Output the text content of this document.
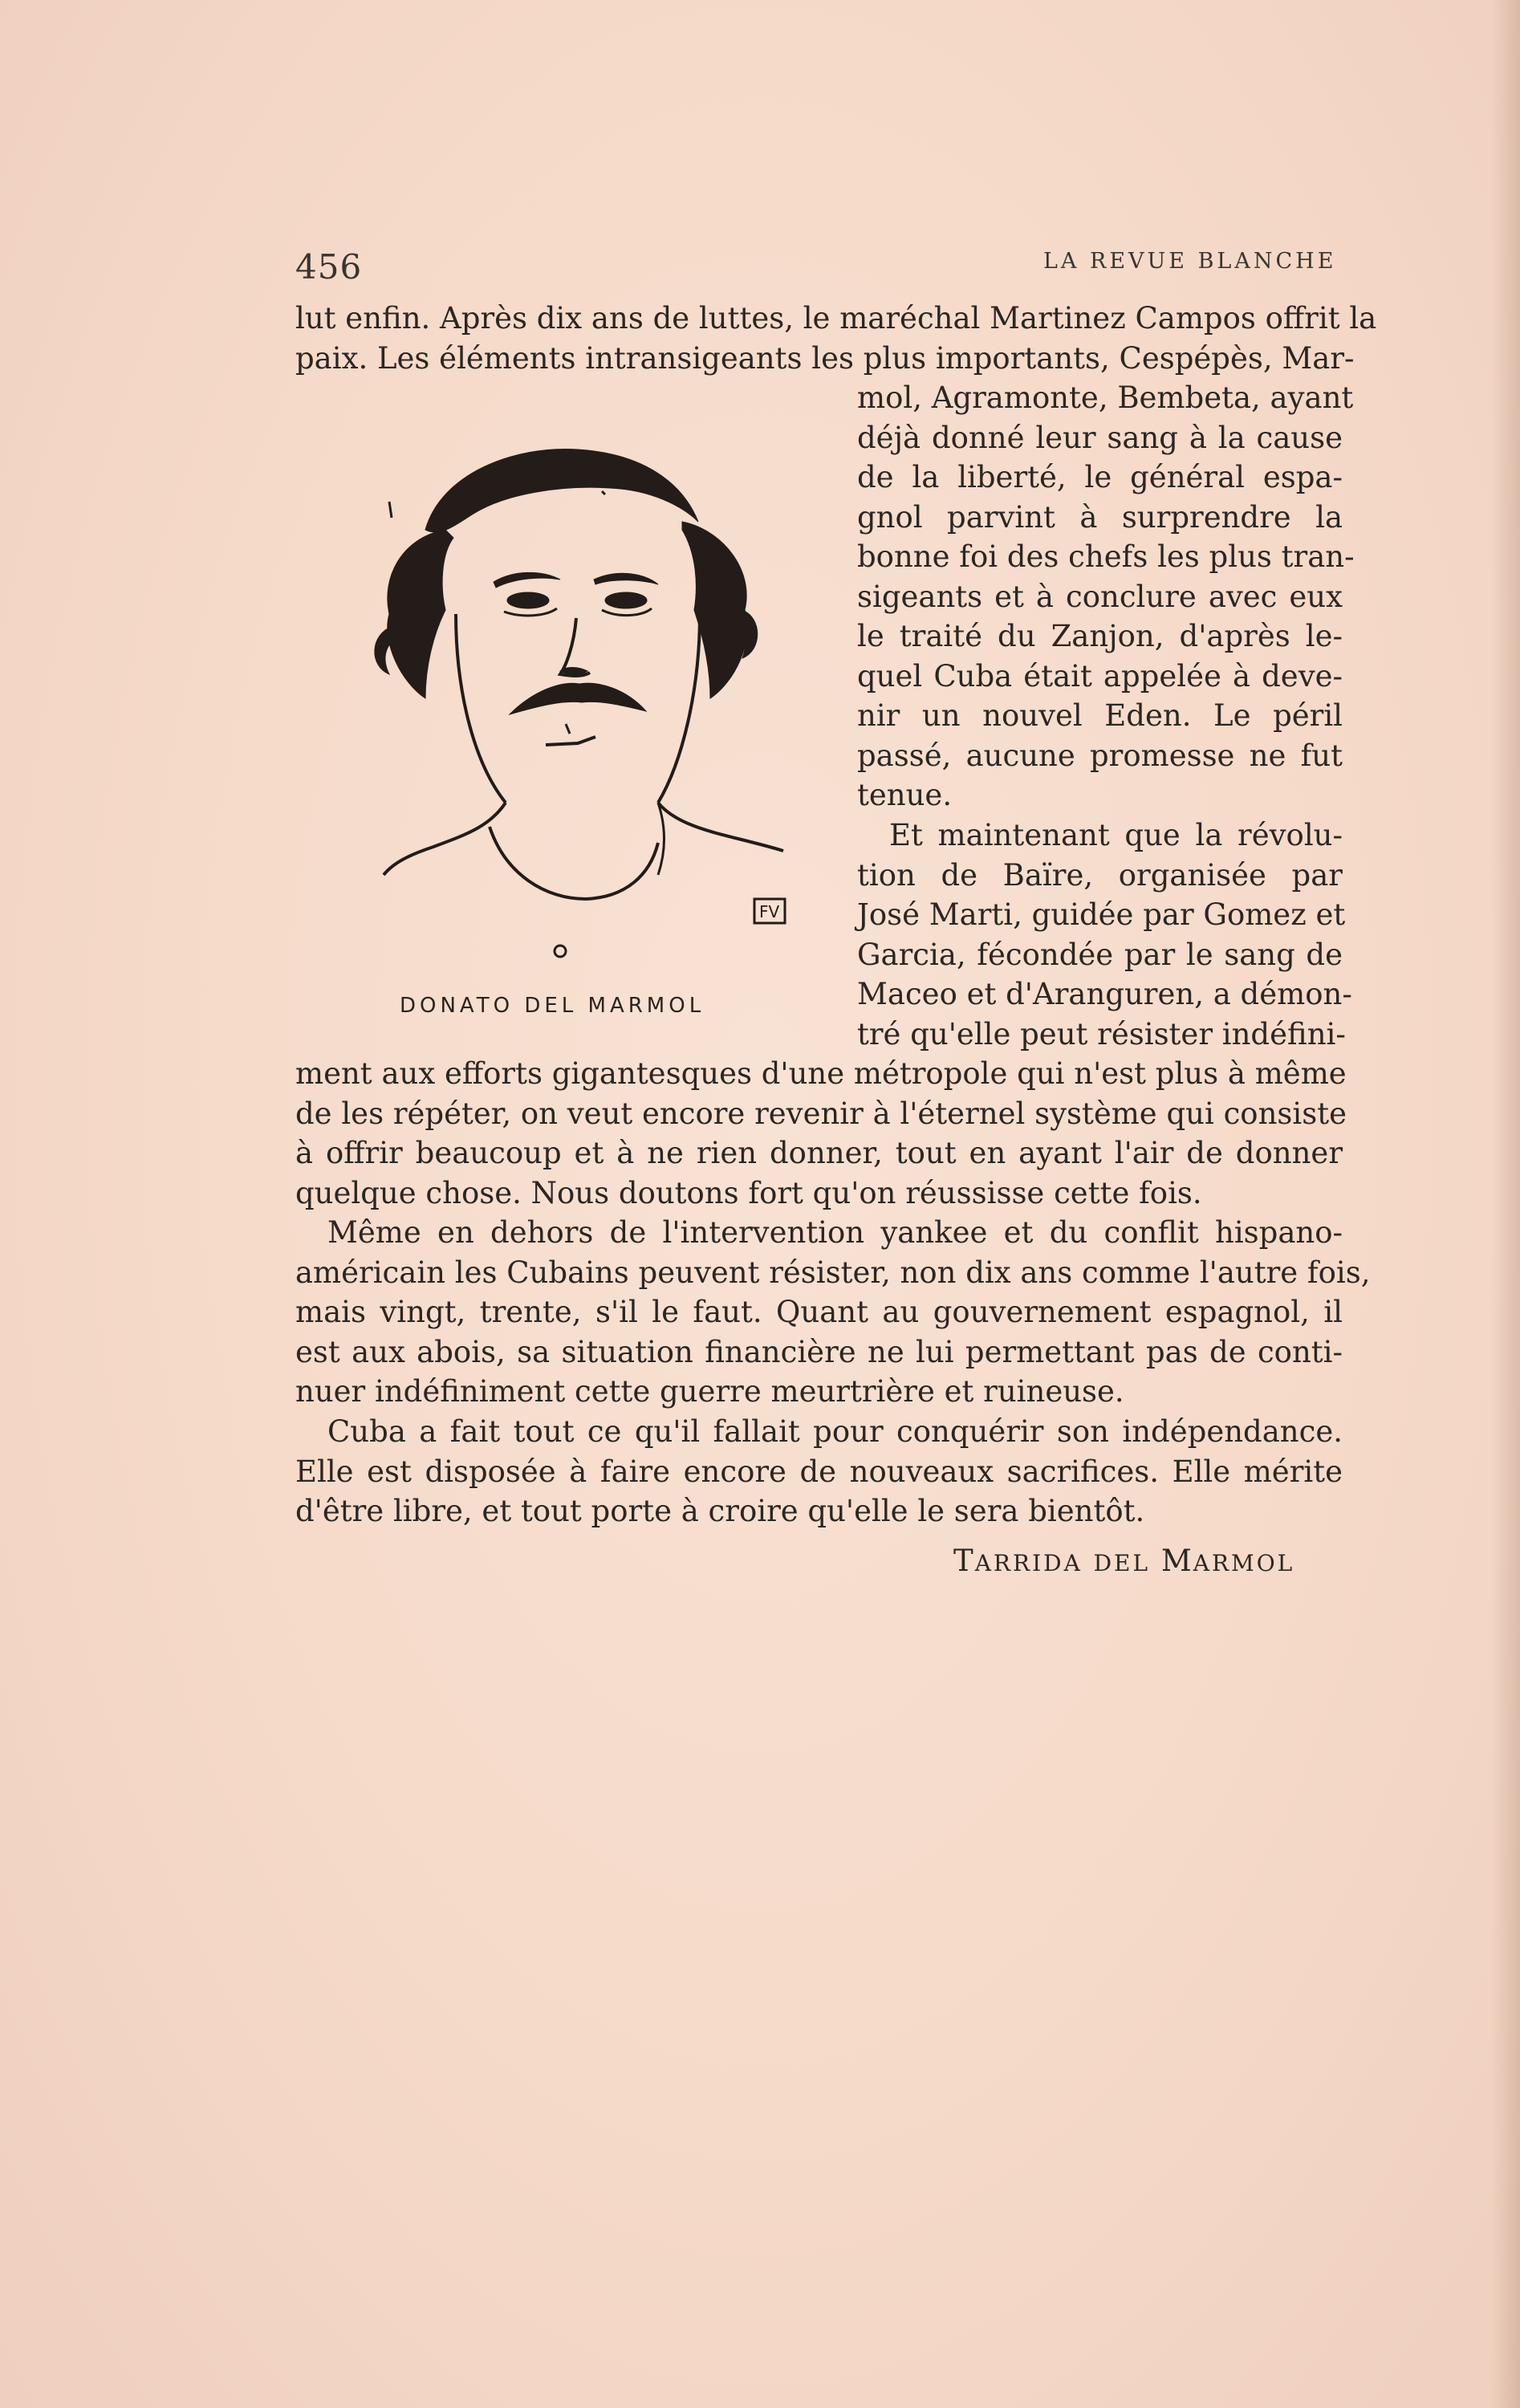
456	LA REVUE BLANCHE
lut enfin. Après dix ans de luttes, le maréchal Martinez Campos offrit la
paix. Les éléments intransigeants les plus importants, Cespépès, Mar-
mol, Agramonte, Bembeta, ayant
déjà donné leur sang à la cause
de la liberté, le général espa-
gnol parvint à surprendre la
bonne foi des chefs les plus tran-
sigeants et à conclure avec eux
le traité du Zanjon, d'après le-
quel Cuba était appelée à deve-
nir un nouvel Eden. Le péril
passé, aucune promesse ne fut
tenue.
Et maintenant que la révolu-
tion de Baïre, organisée par
José Marti, guidée par Gomez et
Garcia, fécondée par le sang de
Maceo et d'Aranguren, a démon-
tré qu'elle peut résister indéfini-
ment aux efforts gigantesques d'une métropole qui n'est plus à même
de les répéter, on veut encore revenir à l'éternel système qui consiste
à offrir beaucoup et à ne rien donner, tout en ayant l'air de donner
quelque chose. Nous doutons fort qu'on réussisse cette fois.
Même en dehors de l'intervention yankee et du conflit hispano-
américain les Cubains peuvent résister, non dix ans comme l'autre fois,
mais vingt, trente, s'il le faut. Quant au gouvernement espagnol, il
est aux abois, sa situation financière ne lui permettant pas de conti-
nuer indéfiniment cette guerre meurtrière et ruineuse.
Cuba a fait tout ce qu'il fallait pour conquérir son indépendance.
Elle est disposée à faire encore de nouveaux sacrifices. Elle mérite
d'être libre, et tout porte à croire qu'elle le sera bientôt.
FV
DONATO DEL MARMOL
TARRIDA DEL MARMOL
